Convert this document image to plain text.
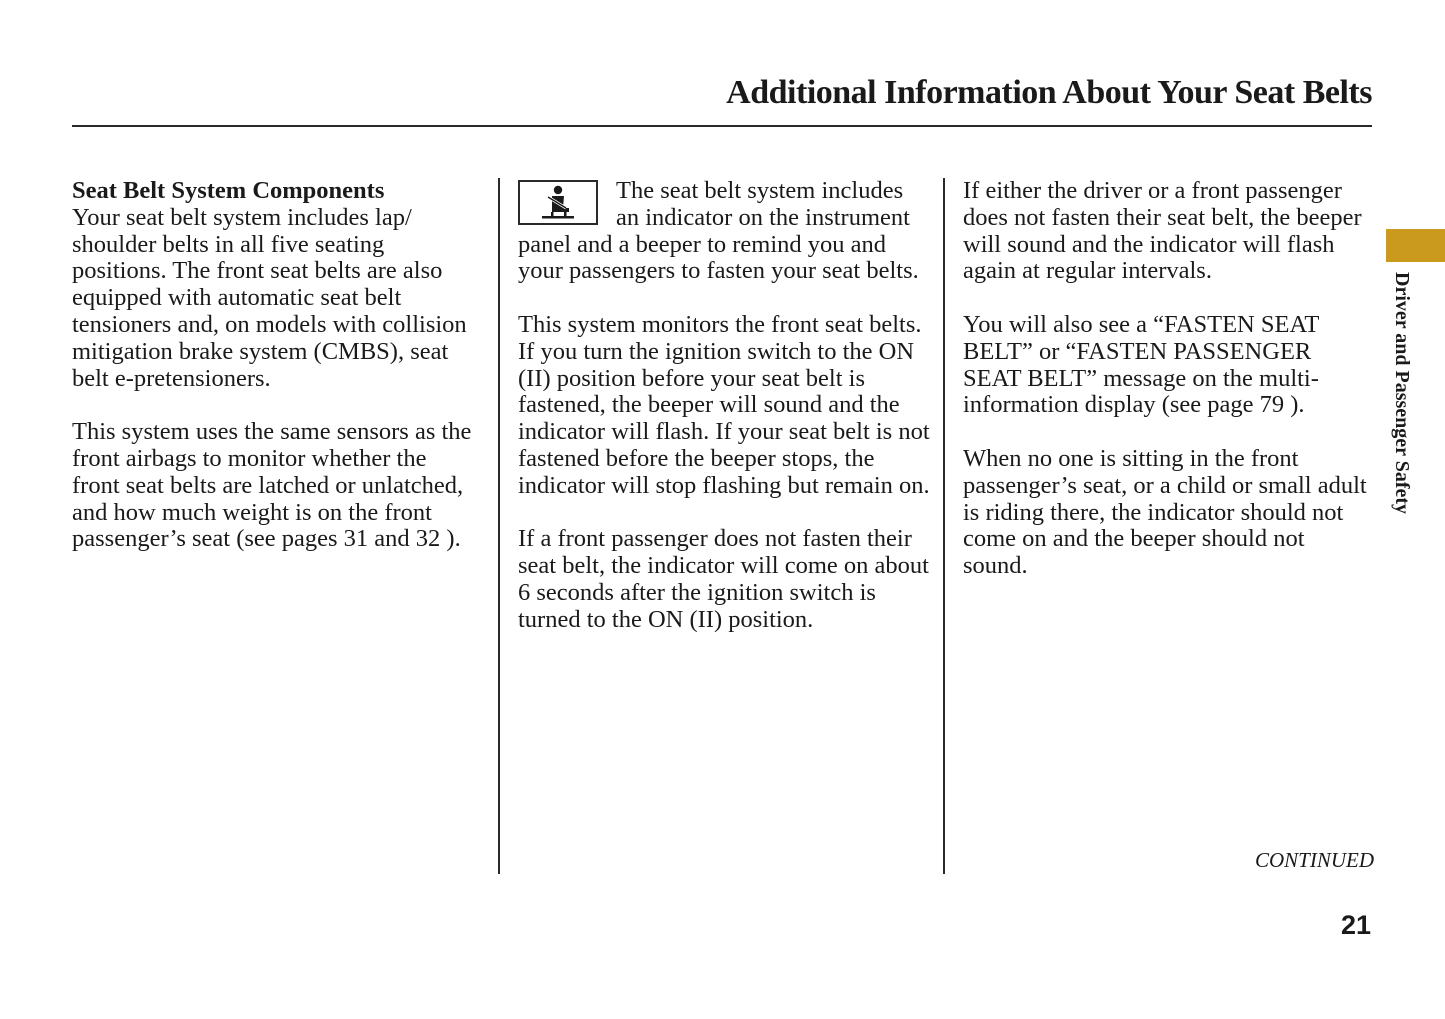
Additional Information About Your Seat Belts

Seat Belt System Components
Your seat belt system includes lap/ shoulder belts in all five seating positions. The front seat belts are also equipped with automatic seat belt tensioners and, on models with collision mitigation brake system (CMBS), seat belt e-pretensioners.

This system uses the same sensors as the front airbags to monitor whether the front seat belts are latched or unlatched, and how much weight is on the front passenger’s seat (see pages 31 and 32 ).

The seat belt system includes an indicator on the instrument panel and a beeper to remind you and your passengers to fasten your seat belts.

This system monitors the front seat belts. If you turn the ignition switch to the ON (II) position before your seat belt is fastened, the beeper will sound and the indicator will flash. If your seat belt is not fastened before the beeper stops, the indicator will stop flashing but remain on.

If a front passenger does not fasten their seat belt, the indicator will come on about 6 seconds after the ignition switch is turned to the ON (II) position.

If either the driver or a front passenger does not fasten their seat belt, the beeper will sound and the indicator will flash again at regular intervals.

You will also see a “FASTEN SEAT BELT” or “FASTEN PASSENGER SEAT BELT” message on the multi-information display (see page 79 ).

When no one is sitting in the front passenger’s seat, or a child or small adult is riding there, the indicator should not come on and the beeper should not sound.

Driver and Passenger Safety
CONTINUED
21
